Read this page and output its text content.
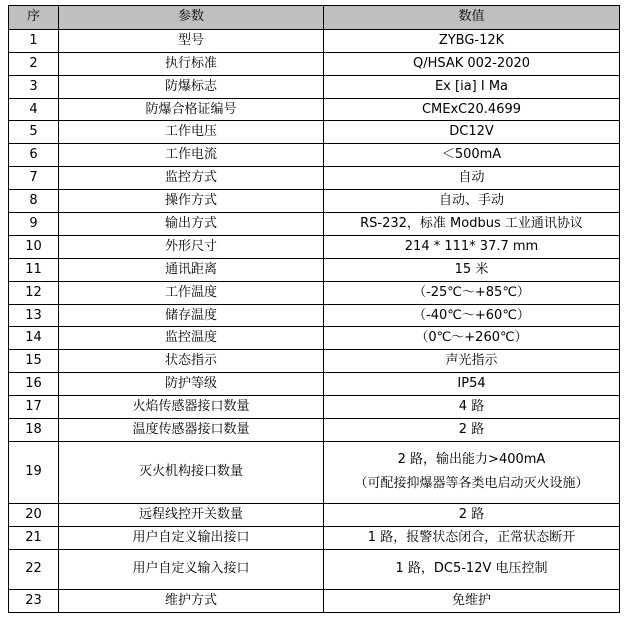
序	参数	数值
1	型号	ZYBG-12K
2	执行标准	Q/HSAK 002-2020
3	防爆标志	Ex [ia] I Ma
4	防爆合格证编号	CMExC20.4699
5	工作电压	DC12V
6	工作电流	＜500mA
7	监控方式	自动
8	操作方式	自动、手动
9	输出方式	RS-232，标准 Modbus 工业通讯协议
10	外形尺寸	214 * 111* 37.7 mm
11	通讯距离	15 米
12	工作温度	（-25℃～+85℃）
13	储存温度	（-40℃～+60℃）
14	监控温度	（0℃～+260℃）
15	状态指示	声光指示
16	防护等级	IP54
17	火焰传感器接口数量	4 路
18	温度传感器接口数量	2 路
19	灭火机构接口数量	2 路，输出能力>400mA
（可配接抑爆器等各类电启动灭火设施）

20	远程线控开关数量	2 路
21	用户自定义输出接口	1 路，报警状态闭合，正常状态断开
22	用户自定义输入接口	1 路，DC5-12V 电压控制
23	维护方式	免维护
